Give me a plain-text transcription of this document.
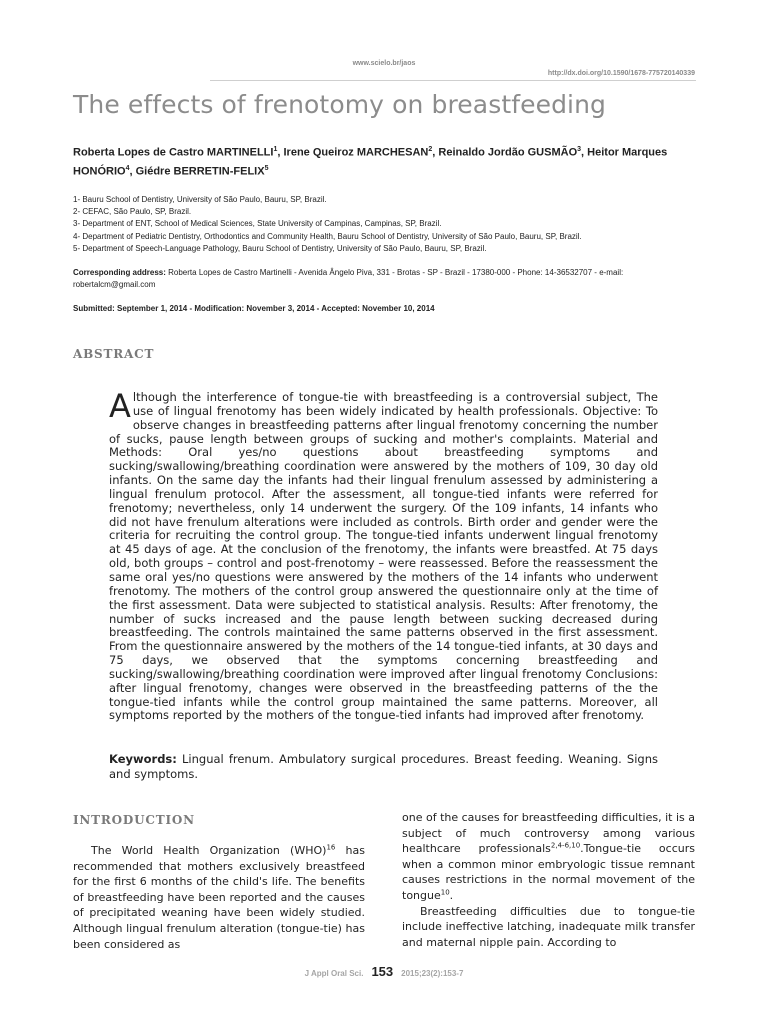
www.scielo.br/jaos
http://dx.doi.org/10.1590/1678-775720140339
The effects of frenotomy on breastfeeding
Roberta Lopes de Castro MARTINELLI$^1$, Irene Queiroz MARCHESAN$^2$, Reinaldo Jordão GUSMÃO$^3$, Heitor Marques HONÓRIO$^4$, Giédre BERRETIN-FELIX$^5$
1- Bauru School of Dentistry, University of São Paulo, Bauru, SP, Brazil.
2- CEFAC, São Paulo, SP, Brazil.
3- Department of ENT, School of Medical Sciences, State University of Campinas, Campinas, SP, Brazil.
4- Department of Pediatric Dentistry, Orthodontics and Community Health, Bauru School of Dentistry, University of São Paulo, Bauru, SP, Brazil.
5- Department of Speech-Language Pathology, Bauru School of Dentistry, University of São Paulo, Bauru, SP, Brazil.
Corresponding address: Roberta Lopes de Castro Martinelli - Avenida Ângelo Piva, 331 - Brotas - SP - Brazil - 17380-000 - Phone: 14-36532707 - e-mail: robertalcm@gmail.com
Submitted: September 1, 2014 - Modification: November 3, 2014 - Accepted: November 10, 2014
ABSTRACT
Although the interference of tongue-tie with breastfeeding is a controversial subject, The use of lingual frenotomy has been widely indicated by health professionals. Objective: To observe changes in breastfeeding patterns after lingual frenotomy concerning the number of sucks, pause length between groups of sucking and mother's complaints. Material and Methods: Oral yes/no questions about breastfeeding symptoms and sucking/swallowing/breathing coordination were answered by the mothers of 109, 30 day old infants. On the same day the infants had their lingual frenulum assessed by administering a lingual frenulum protocol. After the assessment, all tongue-tied infants were referred for frenotomy; nevertheless, only 14 underwent the surgery. Of the 109 infants, 14 infants who did not have frenulum alterations were included as controls. Birth order and gender were the criteria for recruiting the control group. The tongue-tied infants underwent lingual frenotomy at 45 days of age. At the conclusion of the frenotomy, the infants were breastfed. At 75 days old, both groups – control and post-frenotomy – were reassessed. Before the reassessment the same oral yes/no questions were answered by the mothers of the 14 infants who underwent frenotomy. The mothers of the control group answered the questionnaire only at the time of the first assessment. Data were subjected to statistical analysis. Results: After frenotomy, the number of sucks increased and the pause length between sucking decreased during breastfeeding. The controls maintained the same patterns observed in the first assessment. From the questionnaire answered by the mothers of the 14 tongue-tied infants, at 30 days and 75 days, we observed that the symptoms concerning breastfeeding and sucking/swallowing/breathing coordination were improved after lingual frenotomy Conclusions: after lingual frenotomy, changes were observed in the breastfeeding patterns of the the tongue-tied infants while the control group maintained the same patterns. Moreover, all symptoms reported by the mothers of the tongue-tied infants had improved after frenotomy.
Keywords: Lingual frenum. Ambulatory surgical procedures. Breast feeding. Weaning. Signs and symptoms.
INTRODUCTION

The World Health Organization (WHO)$^{16}$ has recommended that mothers exclusively breastfeed for the first 6 months of the child's life. The benefits of breastfeeding have been reported and the causes of precipitated weaning have been widely studied. Although lingual frenulum alteration (tongue-tie) has been considered as

one of the causes for breastfeeding difficulties, it is a subject of much controversy among various healthcare professionals$^{2,4-6,10}$.Tongue-tie occurs when a common minor embryologic tissue remnant causes restrictions in the normal movement of the tongue$^{10}$.

Breastfeeding difficulties due to tongue-tie include ineffective latching, inadequate milk transfer and maternal nipple pain. According to

J Appl Oral Sci. 153 2015;23(2):153-7
